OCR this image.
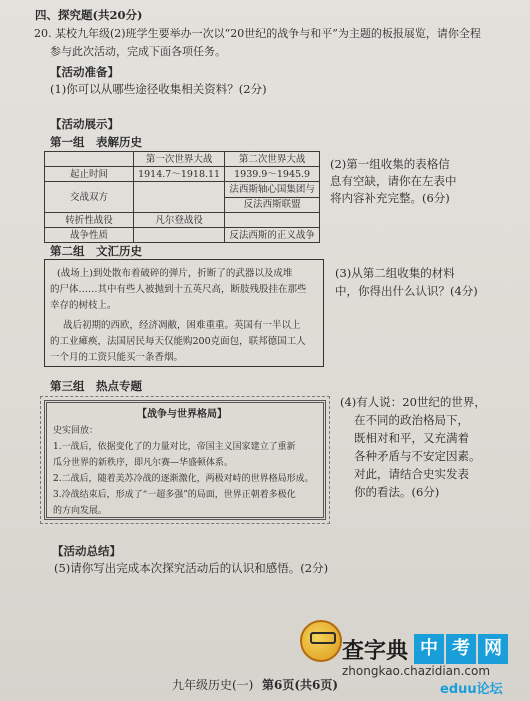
四、探究题(共20分)
20. 某校九年级(2)班学生要举办一次以“20世纪的战争与和平”为主题的板报展览，请你全程
参与此次活动，完成下面各项任务。
【活动准备】
(1)你可以从哪些途径收集相关资料？(2分)
【活动展示】
第一组　表解历史
	第一次世界大战	第二次世界大战
起止时间	1914.7～1918.11	1939.9～1945.9
交战双方		法西斯轴心国集团与
		反法西斯联盟
转折性战役	凡尔登战役	
战争性质		反法西斯的正义战争
(2)第一组收集的表格信
息有空缺，请你在左表中
将内容补充完整。(6分)
第二组　文汇历史
(战场上)到处散布着破碎的弹片，折断了的武器以及成堆
的尸体……其中有些人被抛到十五英尺高，断肢残股挂在那些
幸存的树枝上。
战后初期的西欧，经济凋敝，困难重重。英国有一半以上
的工业瘫痪，法国居民每天仅能购200克面包，联邦德国工人
一个月的工资只能买一条香烟。
(3)从第二组收集的材料
中，你得出什么认识？(4分)
第三组　热点专题
【战争与世界格局】
史实回放：
1.一战后，依据变化了的力量对比，帝国主义国家建立了重新
瓜分世界的新秩序，即凡尔赛—华盛顿体系。
2.二战后，随着美苏冷战的逐渐激化，两极对峙的世界格局形成。
3.冷战结束后，形成了“一超多强”的局面，世界正朝着多极化
的方向发展。
(4)有人说：20世纪的世界，
在不同的政治格局下，
既相对和平，又充满着
各种矛盾与不安定因素。
对此，请结合史实发表
你的看法。(6分)
【活动总结】
(5)请你写出完成本次探究活动后的认识和感悟。(2分)
九年级历史(一) 第6页(共6页)
查字典 中 考 网
zhongkao.chazidian.com
eduu论坛
